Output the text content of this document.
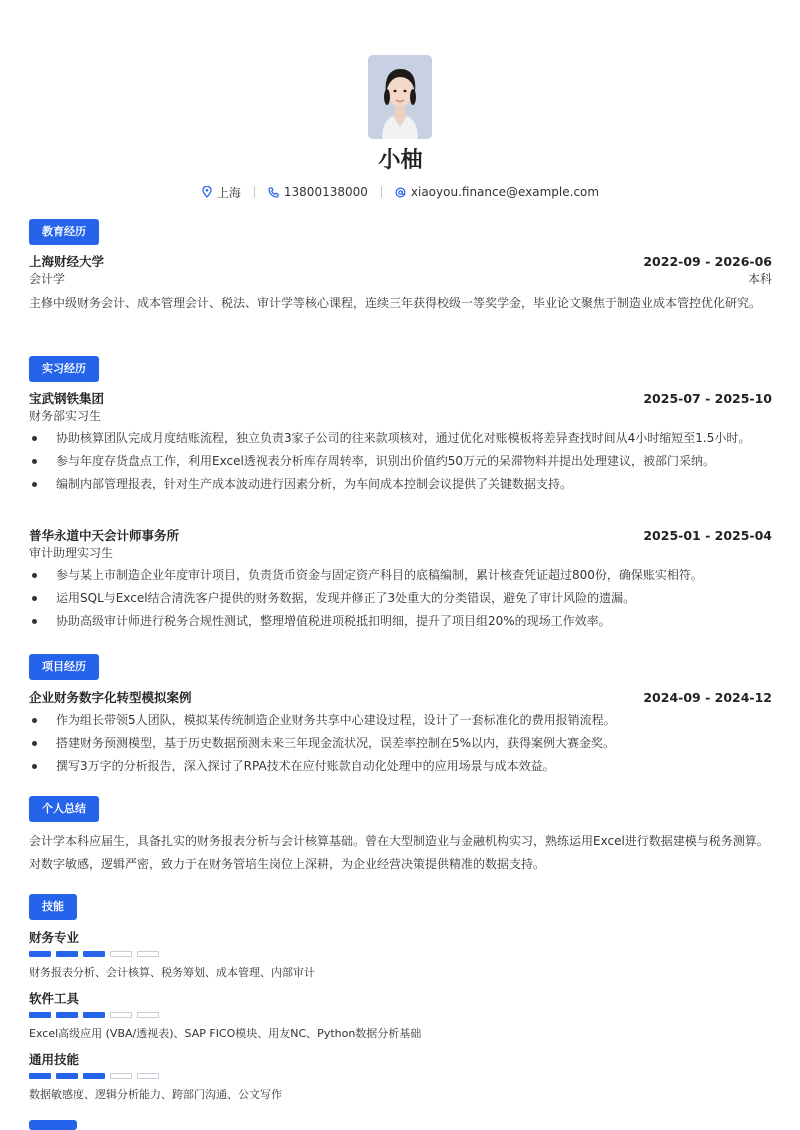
小柚
上海	13800138000	xiaoyou.finance@example.com
教育经历
上海财经大学	2022-09 - 2026-06
会计学	本科

主修中级财务会计、成本管理会计、税法、审计学等核心课程，连续三年获得校级一等奖学金，毕业论文聚焦于制造业成本管控优化研究。

实习经历
宝武钢铁集团	2025-07 - 2025-10
财务部实习生
协助核算团队完成月度结账流程，独立负责3家子公司的往来款项核对，通过优化对账模板将差异查找时间从4小时缩短至1.5小时。
参与年度存货盘点工作，利用Excel透视表分析库存周转率，识别出价值约50万元的呆滞物料并提出处理建议，被部门采纳。
编制内部管理报表，针对生产成本波动进行因素分析，为车间成本控制会议提供了关键数据支持。
普华永道中天会计师事务所	2025-01 - 2025-04
审计助理实习生
参与某上市制造企业年度审计项目，负责货币资金与固定资产科目的底稿编制，累计核查凭证超过800份，确保账实相符。
运用SQL与Excel结合清洗客户提供的财务数据，发现并修正了3处重大的分类错误，避免了审计风险的遗漏。
协助高级审计师进行税务合规性测试，整理增值税进项税抵扣明细，提升了项目组20%的现场工作效率。
项目经历
企业财务数字化转型模拟案例	2024-09 - 2024-12
作为组长带领5人团队，模拟某传统制造企业财务共享中心建设过程，设计了一套标准化的费用报销流程。
搭建财务预测模型，基于历史数据预测未来三年现金流状况，误差率控制在5%以内，获得案例大赛金奖。
撰写3万字的分析报告，深入探讨了RPA技术在应付账款自动化处理中的应用场景与成本效益。
个人总结

会计学本科应届生，具备扎实的财务报表分析与会计核算基础。曾在大型制造业与金融机构实习，熟练运用Excel进行数据建模与税务测算。对数字敏感，逻辑严密，致力于在财务管培生岗位上深耕，为企业经营决策提供精准的数据支持。

技能
财务专业
财务报表分析、会计核算、税务筹划、成本管理、内部审计
软件工具
Excel高级应用 (VBA/透视表)、SAP FICO模块、用友NC、Python数据分析基础
通用技能
数据敏感度、逻辑分析能力、跨部门沟通、公文写作
